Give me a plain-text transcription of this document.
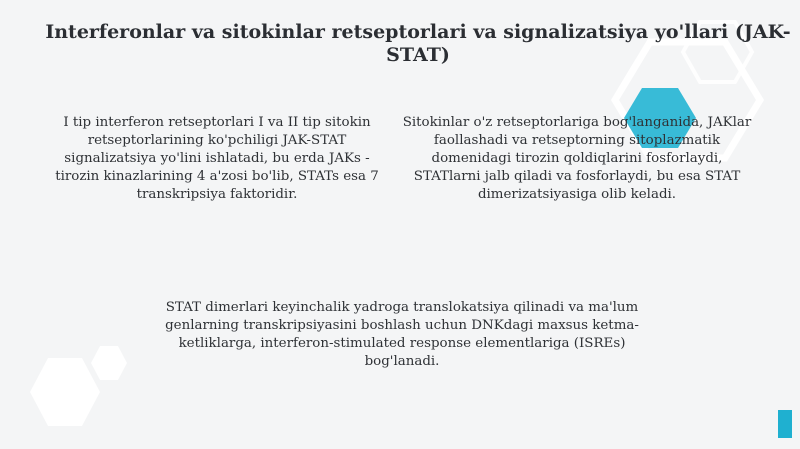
Interferonlar va sitokinlar retseptorlari va signalizatsiya yo'llari (JAK-STAT)

I tip interferon retseptorlari I va II tip sitokin retseptorlarining ko'pchiligi JAK-STAT signalizatsiya yo'lini ishlatadi, bu erda JAKs - tirozin kinazlarining 4 a'zosi bo'lib, STATs esa 7 transkripsiya faktoridir.

Sitokinlar o'z retseptorlariga bog'langanida, JAKlar faollashadi va retseptorning sitoplazmatik domenidagi tirozin qoldiqlarini fosforlaydi, STATlarni jalb qiladi va fosforlaydi, bu esa STAT dimerizatsiyasiga olib keladi.

STAT dimerlari keyinchalik yadroga translokatsiya qilinadi va ma'lum genlarning transkripsiyasini boshlash uchun DNKdagi maxsus ketma-ketliklarga, interferon-stimulated response elementlariga (ISREs) bog'lanadi.
